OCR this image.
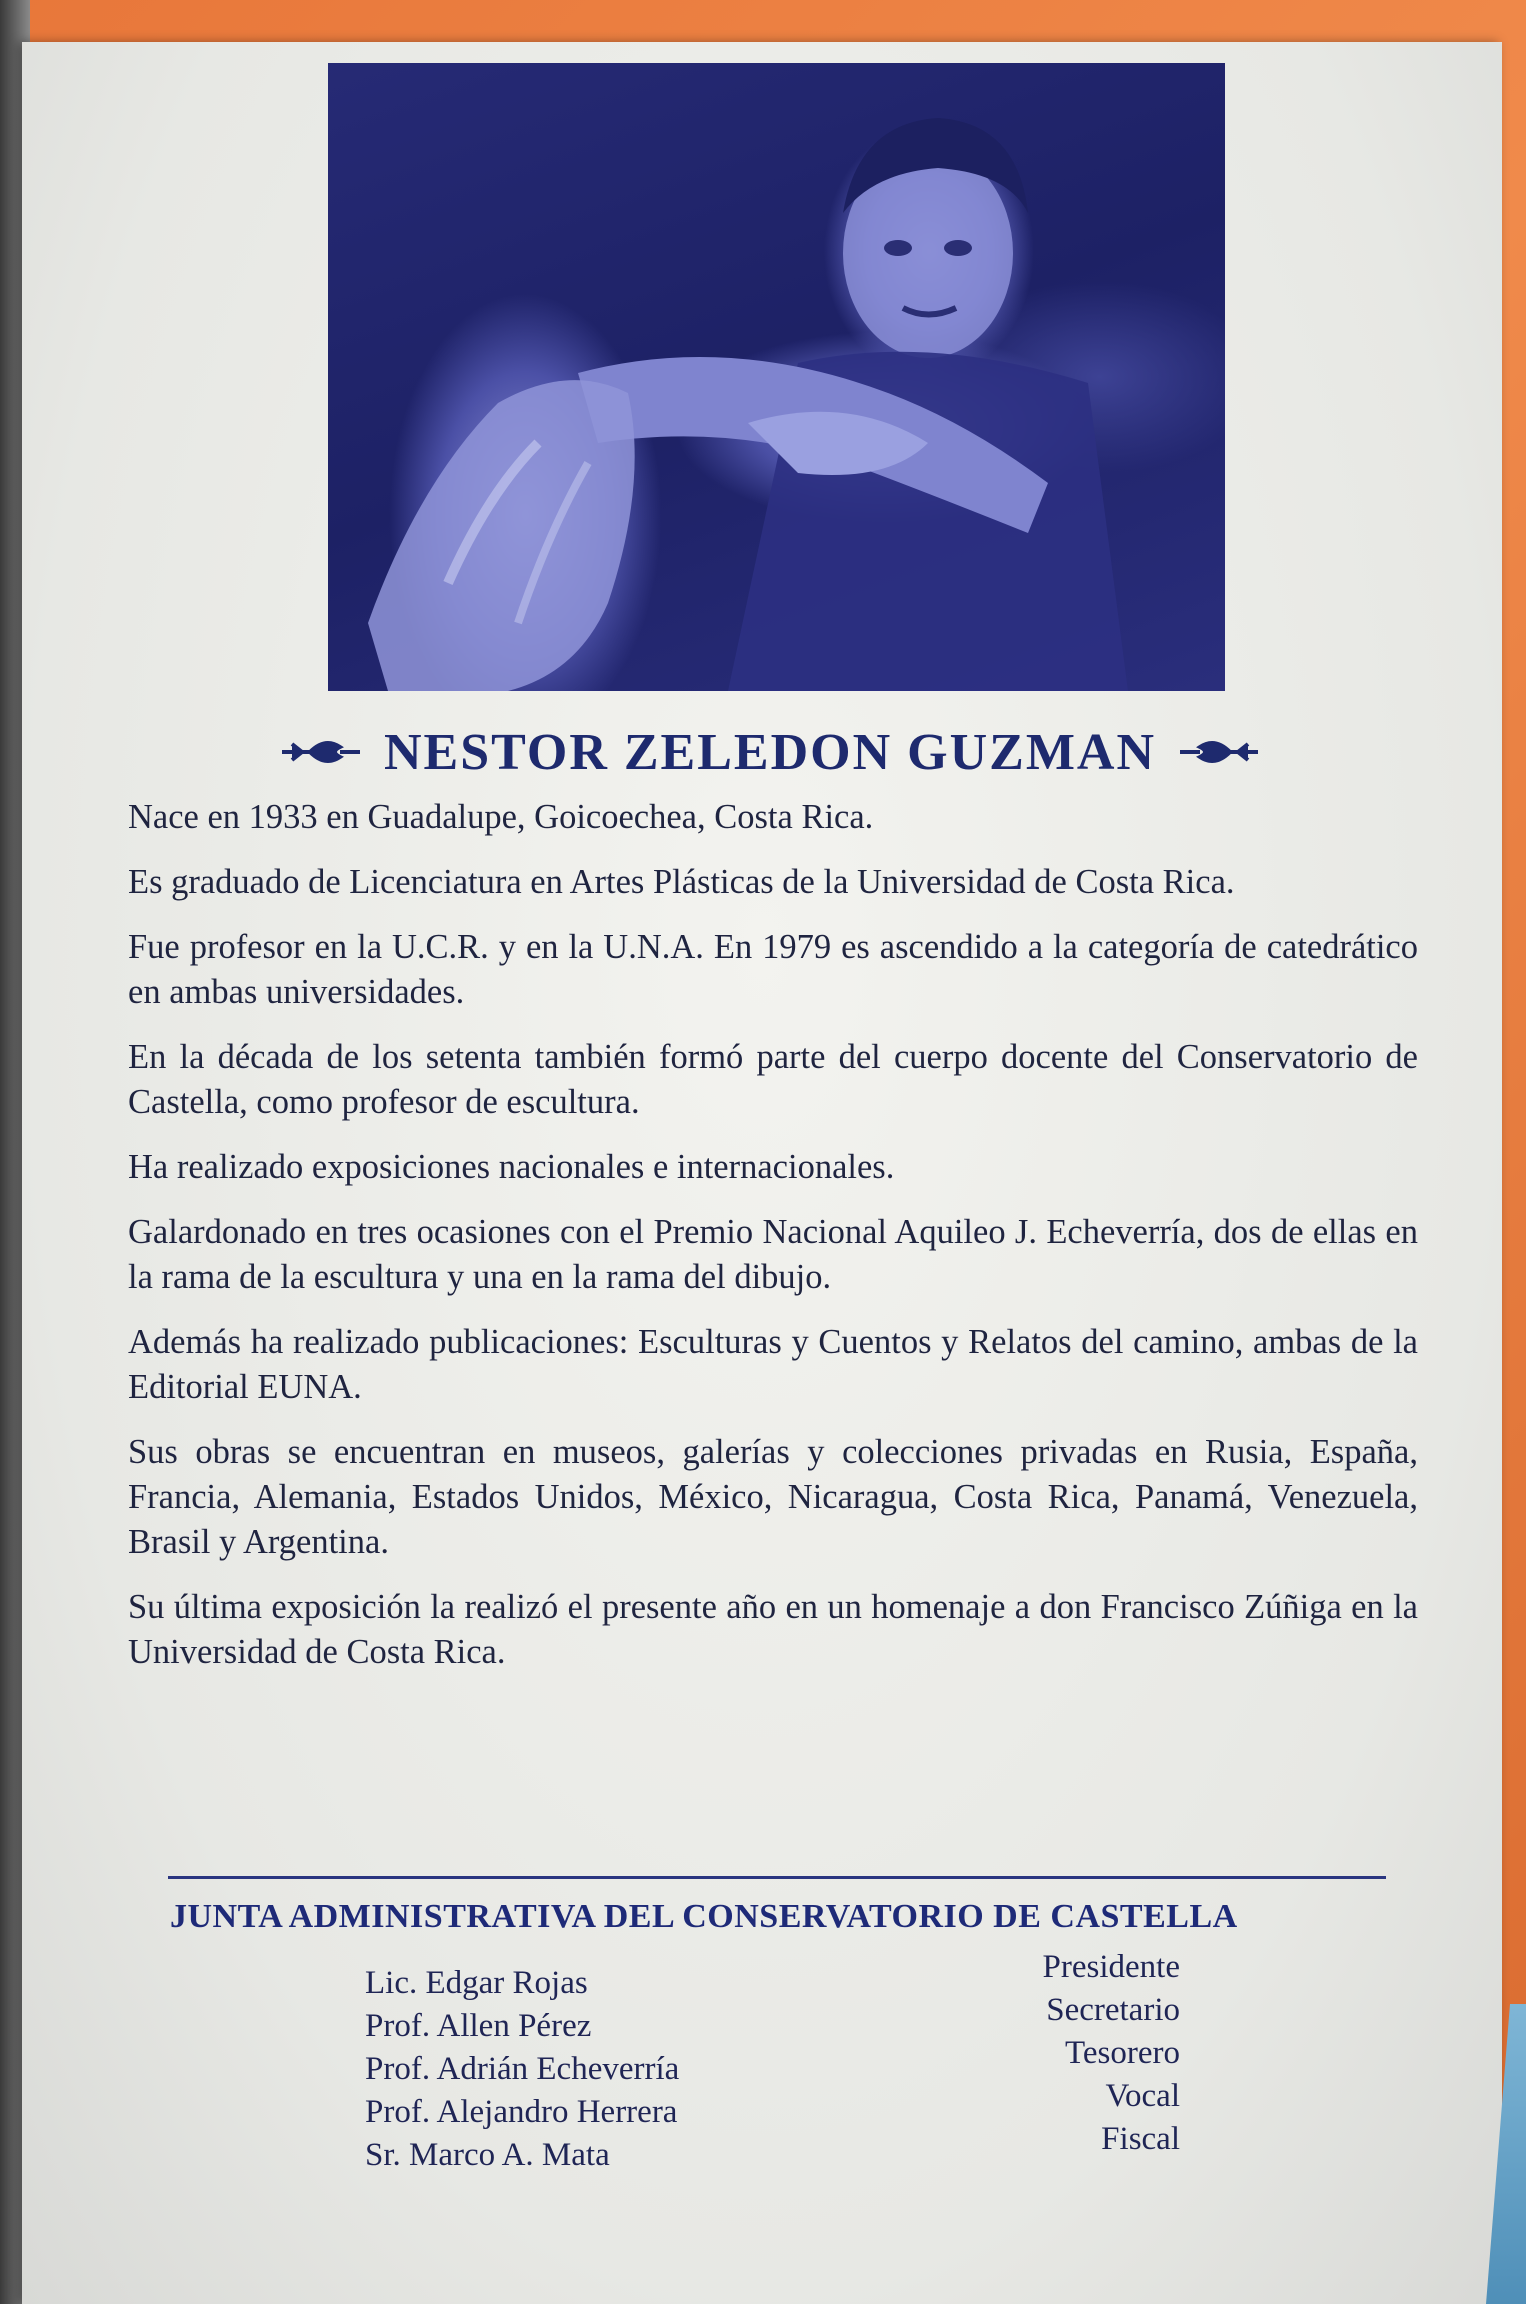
NESTOR ZELEDON GUZMAN

Nace en 1933 en Guadalupe, Goicoechea, Costa Rica.

Es graduado de Licenciatura en Artes Plásticas de la Universidad de Costa Rica.

Fue profesor en la U.C.R. y en la U.N.A. En 1979 es ascendido a la categoría de catedrático en ambas universidades.

En la década de los setenta también formó parte del cuerpo docente del Conservatorio de Castella, como profesor de escultura.

Ha realizado exposiciones nacionales e internacionales.

Galardonado en tres ocasiones con el Premio Nacional Aquileo J. Echeverría, dos de ellas en la rama de la escultura y una en la rama del dibujo.

Además ha realizado publicaciones: Esculturas y Cuentos y Relatos del camino, ambas de la Editorial EUNA.

Sus obras se encuentran en museos, galerías y colecciones privadas en Rusia, España, Francia, Alemania, Estados Unidos, México, Nicaragua, Costa Rica, Panamá, Venezuela, Brasil y Argentina.

Su última exposición la realizó el presente año en un homenaje a don Francisco Zúñiga en la Universidad de Costa Rica.

JUNTA ADMINISTRATIVA DEL CONSERVATORIO DE CASTELLA
Lic. Edgar Rojas
Prof. Allen Pérez
Prof. Adrián Echeverría
Prof. Alejandro Herrera
Sr. Marco A. Mata
Presidente
Secretario
Tesorero
Vocal
Fiscal
